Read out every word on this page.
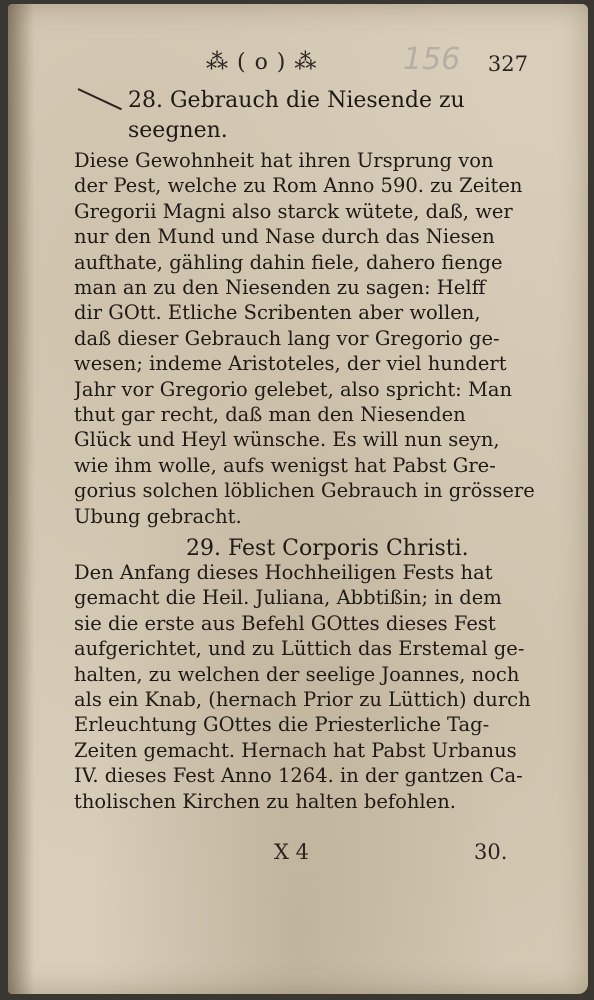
⁂ ( o ) ⁂	156 327
28. Gebrauch die Niesende zu seegnen.
Diese Gewohnheit hat ihren Ursprung von
der Pest, welche zu Rom Anno 590. zu Zeiten
Gregorii Magni also starck wütete, daß, wer
nur den Mund und Nase durch das Niesen
aufthate, gähling dahin fiele, dahero fienge
man an zu den Niesenden zu sagen: Helff
dir GOtt. Etliche Scribenten aber wollen,
daß dieser Gebrauch lang vor Gregorio ge-
wesen; indeme Aristoteles, der viel hundert
Jahr vor Gregorio gelebet, also spricht: Man
thut gar recht, daß man den Niesenden
Glück und Heyl wünsche. Es will nun seyn,
wie ihm wolle, aufs wenigst hat Pabst Gre-
gorius solchen löblichen Gebrauch in grössere
Ubung gebracht.
29. Fest Corporis Christi.
Den Anfang dieses Hochheiligen Fests hat
gemacht die Heil. Juliana, Abbtißin; in dem
sie die erste aus Befehl GOttes dieses Fest
aufgerichtet, und zu Lüttich das Erstemal ge-
halten, zu welchen der seelige Joannes, noch
als ein Knab, (hernach Prior zu Lüttich) durch
Erleuchtung GOttes die Priesterliche Tag-
Zeiten gemacht. Hernach hat Pabst Urbanus
IV. dieses Fest Anno 1264. in der gantzen Ca-
tholischen Kirchen zu halten befohlen.
X 4	30.
